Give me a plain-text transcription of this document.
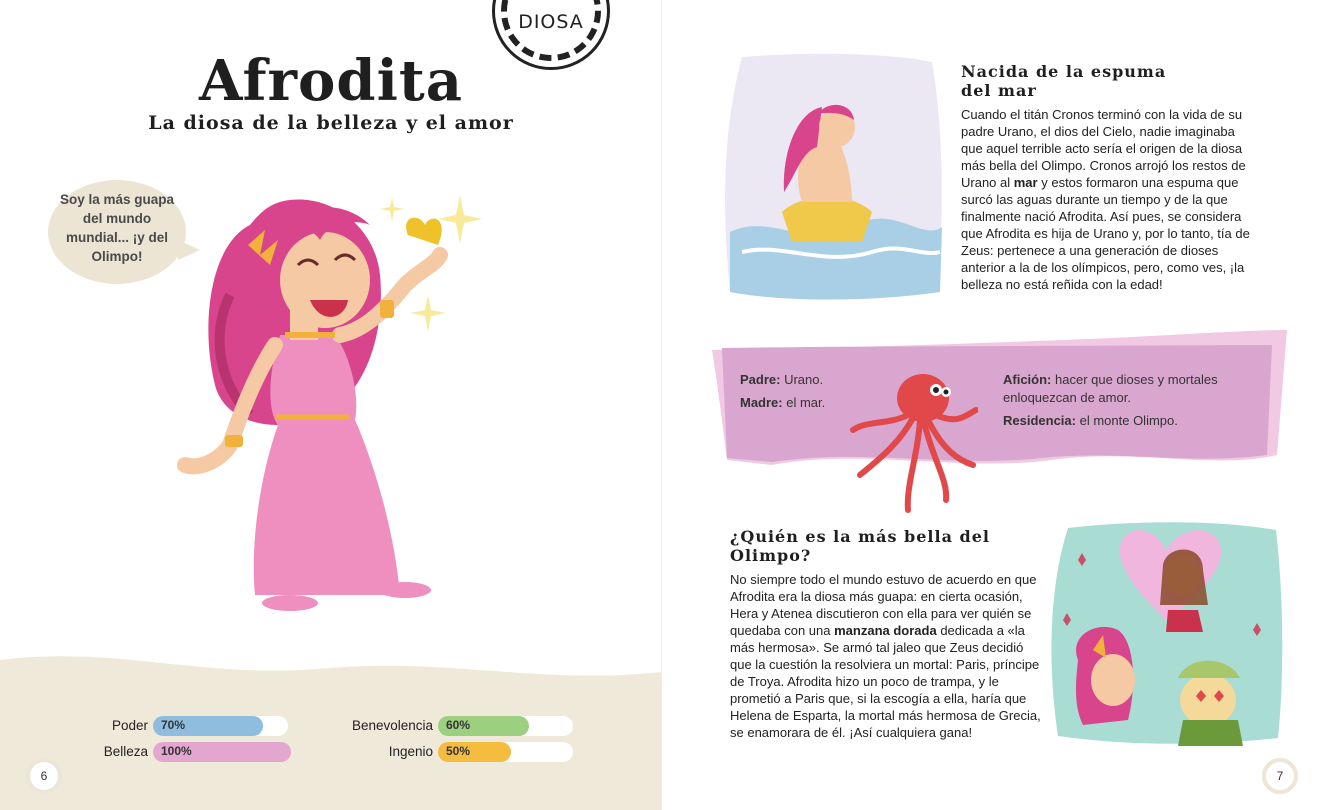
DIOSA
Afrodita
La diosa de la belleza y el amor
Soy la más guapa del mundo mundial... ¡y del Olimpo!
Poder 70%
Belleza 100%
Benevolencia 60%
Ingenio 50%
6
Nacida de la espuma del mar
Cuando el titán Cronos terminó con la vida de su padre Urano, el dios del Cielo, nadie imaginaba que aquel terrible acto sería el origen de la diosa más bella del Olimpo. Cronos arrojó los restos de Urano al mar y estos formaron una espuma que surcó las aguas durante un tiempo y de la que finalmente nació Afrodita. Así pues, se considera que Afrodita es hija de Urano y, por lo tanto, tía de Zeus: pertenece a una generación de dioses anterior a la de los olímpicos, pero, como ves, ¡la belleza no está reñida con la edad!
Padre: Urano.
Madre: el mar.
Afición: hacer que dioses y mortales enloquezcan de amor.
Residencia: el monte Olimpo.
¿Quién es la más bella del Olimpo?
No siempre todo el mundo estuvo de acuerdo en que Afrodita era la diosa más guapa: en cierta ocasión, Hera y Atenea discutieron con ella para ver quién se quedaba con una manzana dorada dedicada a «la más hermosa». Se armó tal jaleo que Zeus decidió que la cuestión la resolviera un mortal: Paris, príncipe de Troya. Afrodita hizo un poco de trampa, y le prometió a Paris que, si la escogía a ella, haría que Helena de Esparta, la mortal más hermosa de Grecia, se enamorara de él. ¡Así cualquiera gana!
7
